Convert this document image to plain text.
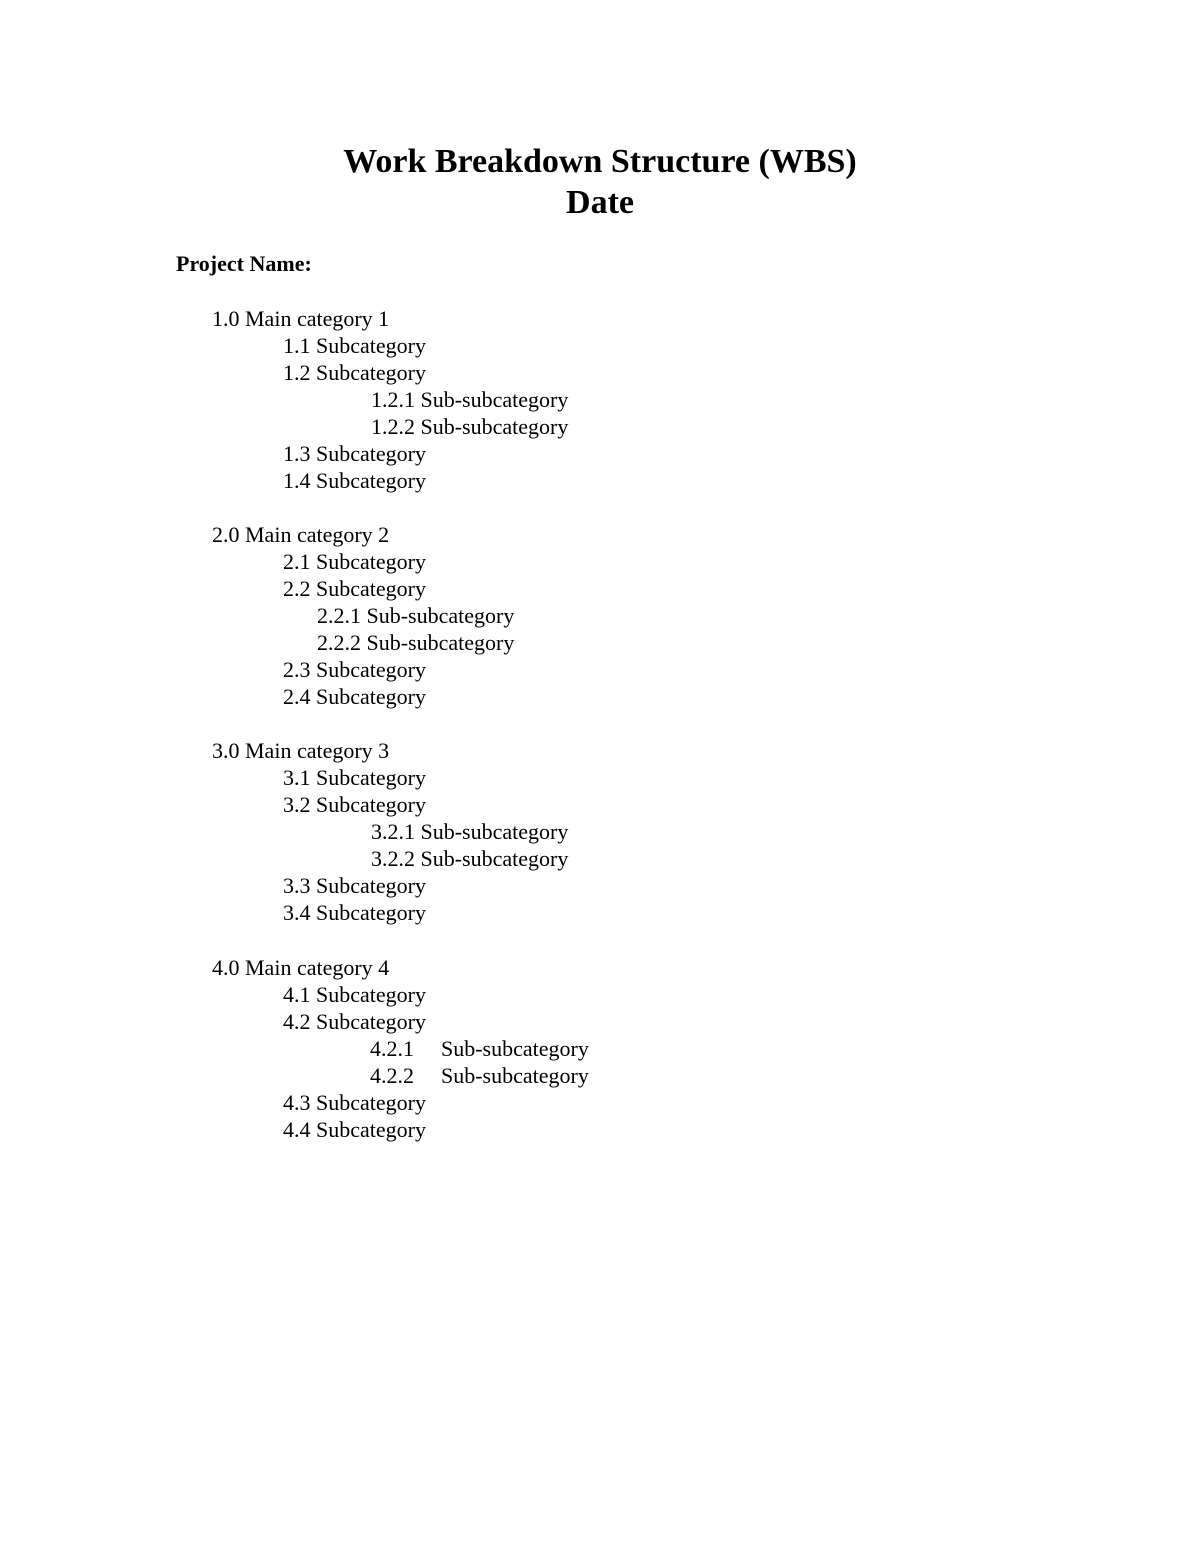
Work Breakdown Structure (WBS)
Date
Project Name:
1.0 Main category 1
1.1 Subcategory
1.2 Subcategory
1.2.1 Sub-subcategory
1.2.2 Sub-subcategory
1.3 Subcategory
1.4 Subcategory
2.0 Main category 2
2.1 Subcategory
2.2 Subcategory
2.2.1 Sub-subcategory
2.2.2 Sub-subcategory
2.3 Subcategory
2.4 Subcategory
3.0 Main category 3
3.1 Subcategory
3.2 Subcategory
3.2.1 Sub-subcategory
3.2.2 Sub-subcategory
3.3 Subcategory
3.4 Subcategory
4.0 Main category 4
4.1 Subcategory
4.2 Subcategory
4.2.1 Sub-subcategory
4.2.2 Sub-subcategory
4.3 Subcategory
4.4 Subcategory
